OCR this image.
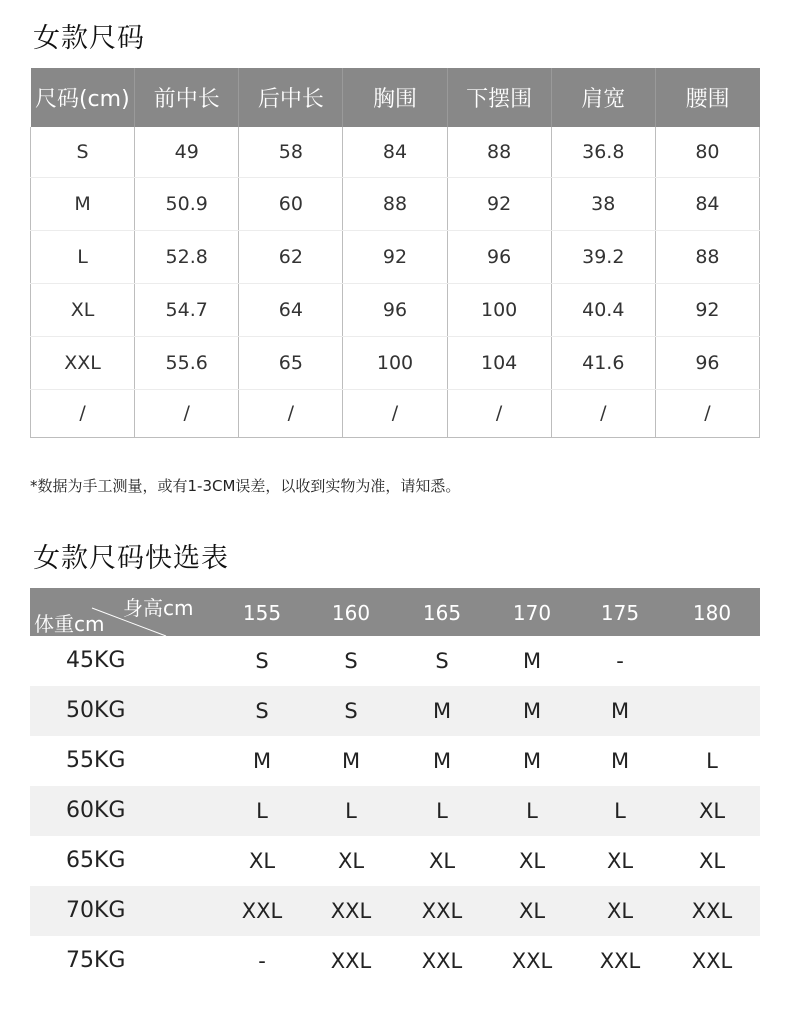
女款尺码
尺码(cm)	前中长	后中长	胸围	下摆围	肩宽	腰围
S	49	58	84	88	36.8	80
M	50.9	60	88	92	38	84
L	52.8	62	92	96	39.2	88
XL	54.7	64	96	100	40.4	92
XXL	55.6	65	100	104	41.6	96
/	/	/	/	/	/	/
*数据为手工测量，或有1-3CM误差，以收到实物为准，请知悉。
女款尺码快选表
身高cm
体重cm	155	160	165	170	175	180
45KG	S	S	S	M	-
50KG	S	S	M	M	M
55KG	M	M	M	M	M	L
60KG	L	L	L	L	L	XL
65KG	XL	XL	XL	XL	XL	XL
70KG	XXL	XXL	XXL	XL	XL	XXL
75KG	-	XXL	XXL	XXL	XXL	XXL
